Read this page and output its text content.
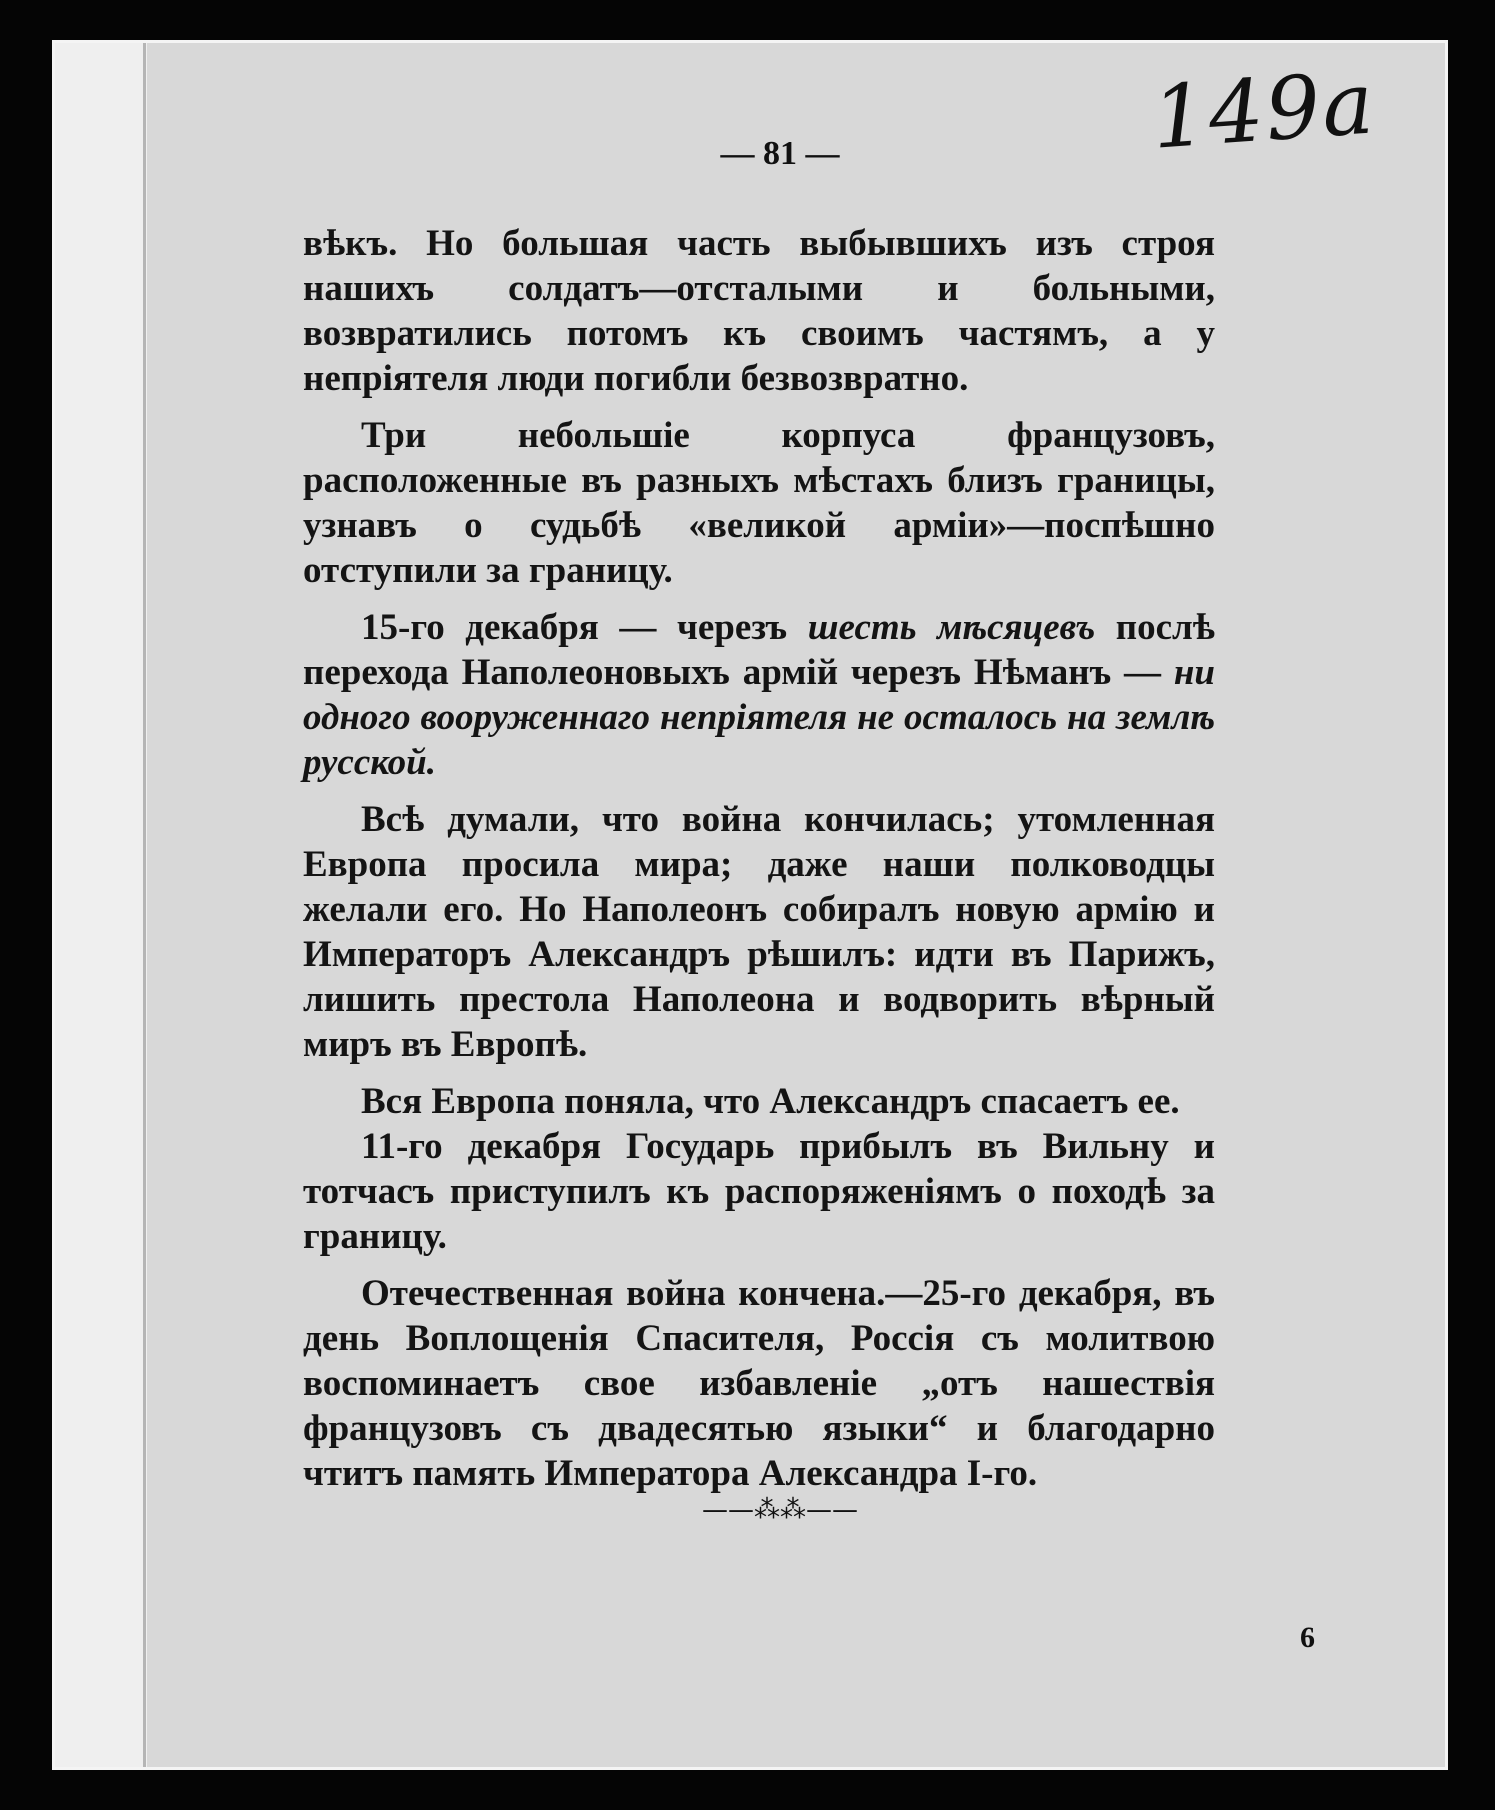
149a
— 81 —

вѣкъ. Но большая часть выбывшихъ изъ строя нашихъ солдатъ—отсталыми и больными, возвратились потомъ къ своимъ частямъ, а у непріятеля люди погибли безвозвратно.

Три небольшіе корпуса французовъ, расположенные въ разныхъ мѣстахъ близъ границы, узнавъ о судьбѣ «великой арміи»—поспѣшно отступили за границу.

15-го декабря — черезъ шесть мѣсяцевъ послѣ перехода Наполеоновыхъ армій черезъ Нѣманъ — ни одного вооруженнаго непріятеля не осталось на землѣ русской.

Всѣ думали, что война кончилась; утомленная Европа просила мира; даже наши полководцы желали его. Но Наполеонъ собиралъ новую армію и Императоръ Александръ рѣшилъ: идти въ Парижъ, лишить престола Наполеона и водворить вѣрный миръ въ Европѣ.

Вся Европа поняла, что Александръ спасаетъ ее.

11-го декабря Государь прибылъ въ Вильну и тотчасъ приступилъ къ распоряженіямъ о походѣ за границу.

Отечественная война кончена.—25-го декабря, въ день Воплощенія Спасителя, Россія съ молитвою воспоминаетъ свое избавленіе „отъ нашествія французовъ съ двадесятью языки“ и благодарно чтитъ память Императора Александра I-го.

——⁂⁂——
6
